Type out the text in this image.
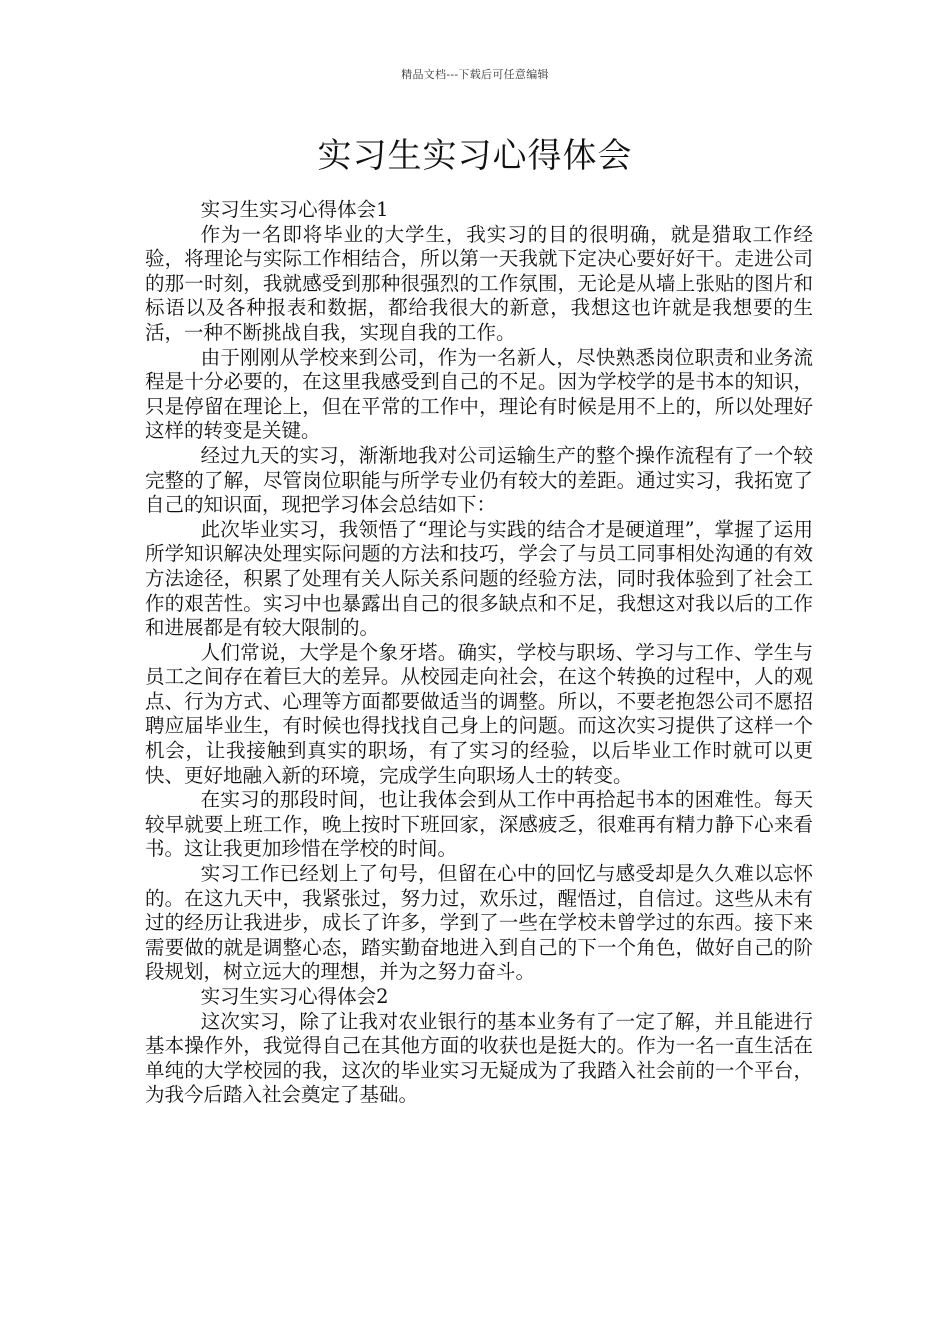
精品文档---下载后可任意编辑
实习生实习心得体会

实习生实习心得体会1

作为一名即将毕业的大学生，我实习的目的很明确，就是猎取工作经验，将理论与实际工作相结合，所以第一天我就下定决心要好好干。走进公司的那一时刻，我就感受到那种很强烈的工作氛围，无论是从墙上张贴的图片和标语以及各种报表和数据，都给我很大的新意，我想这也许就是我想要的生活，一种不断挑战自我，实现自我的工作。

由于刚刚从学校来到公司，作为一名新人，尽快熟悉岗位职责和业务流程是十分必要的，在这里我感受到自己的不足。因为学校学的是书本的知识，只是停留在理论上，但在平常的工作中，理论有时候是用不上的，所以处理好这样的转变是关键。

经过九天的实习，渐渐地我对公司运输生产的整个操作流程有了一个较完整的了解，尽管岗位职能与所学专业仍有较大的差距。通过实习，我拓宽了自己的知识面，现把学习体会总结如下：

此次毕业实习，我领悟了“理论与实践的结合才是硬道理”，掌握了运用所学知识解决处理实际问题的方法和技巧，学会了与员工同事相处沟通的有效方法途径，积累了处理有关人际关系问题的经验方法，同时我体验到了社会工作的艰苦性。实习中也暴露出自己的很多缺点和不足，我想这对我以后的工作和进展都是有较大限制的。

人们常说，大学是个象牙塔。确实，学校与职场、学习与工作、学生与员工之间存在着巨大的差异。从校园走向社会，在这个转换的过程中，人的观点、行为方式、心理等方面都要做适当的调整。所以，不要老抱怨公司不愿招聘应届毕业生，有时候也得找找自己身上的问题。而这次实习提供了这样一个机会，让我接触到真实的职场，有了实习的经验，以后毕业工作时就可以更快、更好地融入新的环境，完成学生向职场人士的转变。

在实习的那段时间，也让我体会到从工作中再拾起书本的困难性。每天较早就要上班工作，晚上按时下班回家，深感疲乏，很难再有精力静下心来看书。这让我更加珍惜在学校的时间。

实习工作已经划上了句号，但留在心中的回忆与感受却是久久难以忘怀的。在这九天中，我紧张过，努力过，欢乐过，醒悟过，自信过。这些从未有过的经历让我进步，成长了许多，学到了一些在学校未曾学过的东西。接下来需要做的就是调整心态，踏实勤奋地进入到自己的下一个角色，做好自己的阶段规划，树立远大的理想，并为之努力奋斗。

实习生实习心得体会2

这次实习，除了让我对农业银行的基本业务有了一定了解，并且能进行基本操作外，我觉得自己在其他方面的收获也是挺大的。作为一名一直生活在单纯的大学校园的我，这次的毕业实习无疑成为了我踏入社会前的一个平台，为我今后踏入社会奠定了基础。
